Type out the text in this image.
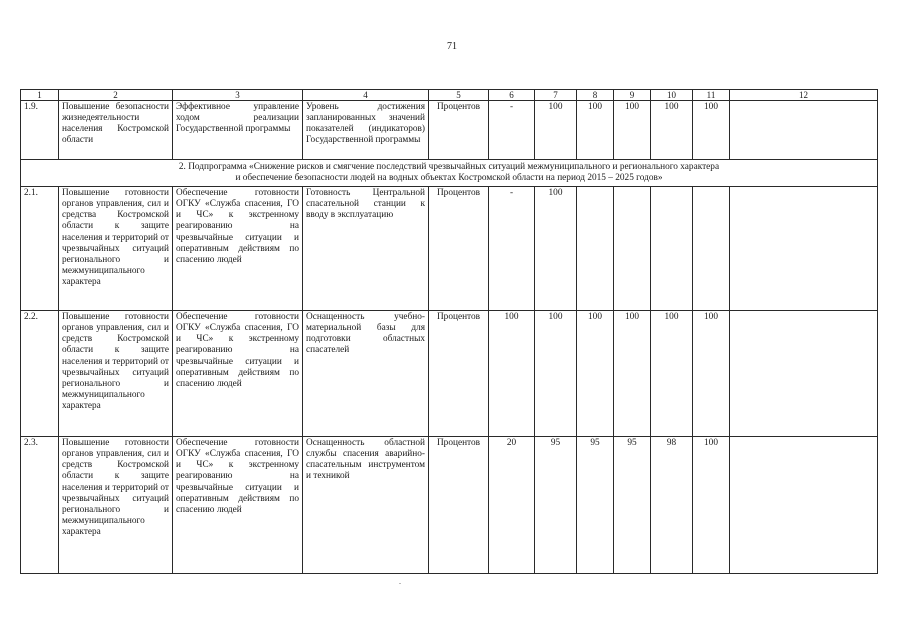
71
1	2	3	4	5	6	7	8	9	10	11	12
1.9.	Повышение безопасности жизнедеятельности населения Костромской области	Эффективное управление ходом реализации Государственной программы	Уровень достижения запланированных значений показателей (индикаторов) Государственной программы	Процентов	-	100	100	100	100	100	

2. Подпрограмма «Снижение рисков и смягчение последствий чрезвычайных ситуаций межмуниципального и регионального характера
и обеспечение безопасности людей на водных объектах Костромской области на период 2015 – 2025 годов»											

2.1.	Повышение готовности органов управления, сил и средства Костромской области к защите населения и территорий от чрезвычайных ситуаций регионального и межмуниципального характера	Обеспечение готовности ОГКУ «Служба спасения, ГО и ЧС» к экстренному реагированию на чрезвычайные ситуации и оперативным действиям по спасению людей	Готовность Центральной спасательной станции к вводу в эксплуатацию	Процентов	-	100					
2.2.	Повышение готовности органов управления, сил и средств Костромской области к защите населения и территорий от чрезвычайных ситуаций регионального и межмуниципального характера	Обеспечение готовности ОГКУ «Служба спасения, ГО и ЧС» к экстренному реагированию на чрезвычайные ситуации и оперативным действиям по спасению людей	Оснащенность учебно-материальной базы для подготовки областных спасателей	Процентов	100	100	100	100	100	100	
2.3.	Повышение готовности органов управления, сил и средств Костромской области к защите населения и территорий от чрезвычайных ситуаций регионального и межмуниципального характера	Обеспечение готовности ОГКУ «Служба спасения, ГО и ЧС» к экстренному реагированию на чрезвычайные ситуации и оперативным действиям по спасению людей	Оснащенность областной службы спасения аварийно-спасательным инструментом и техникой	Процентов	20	95	95	95	98	100	
